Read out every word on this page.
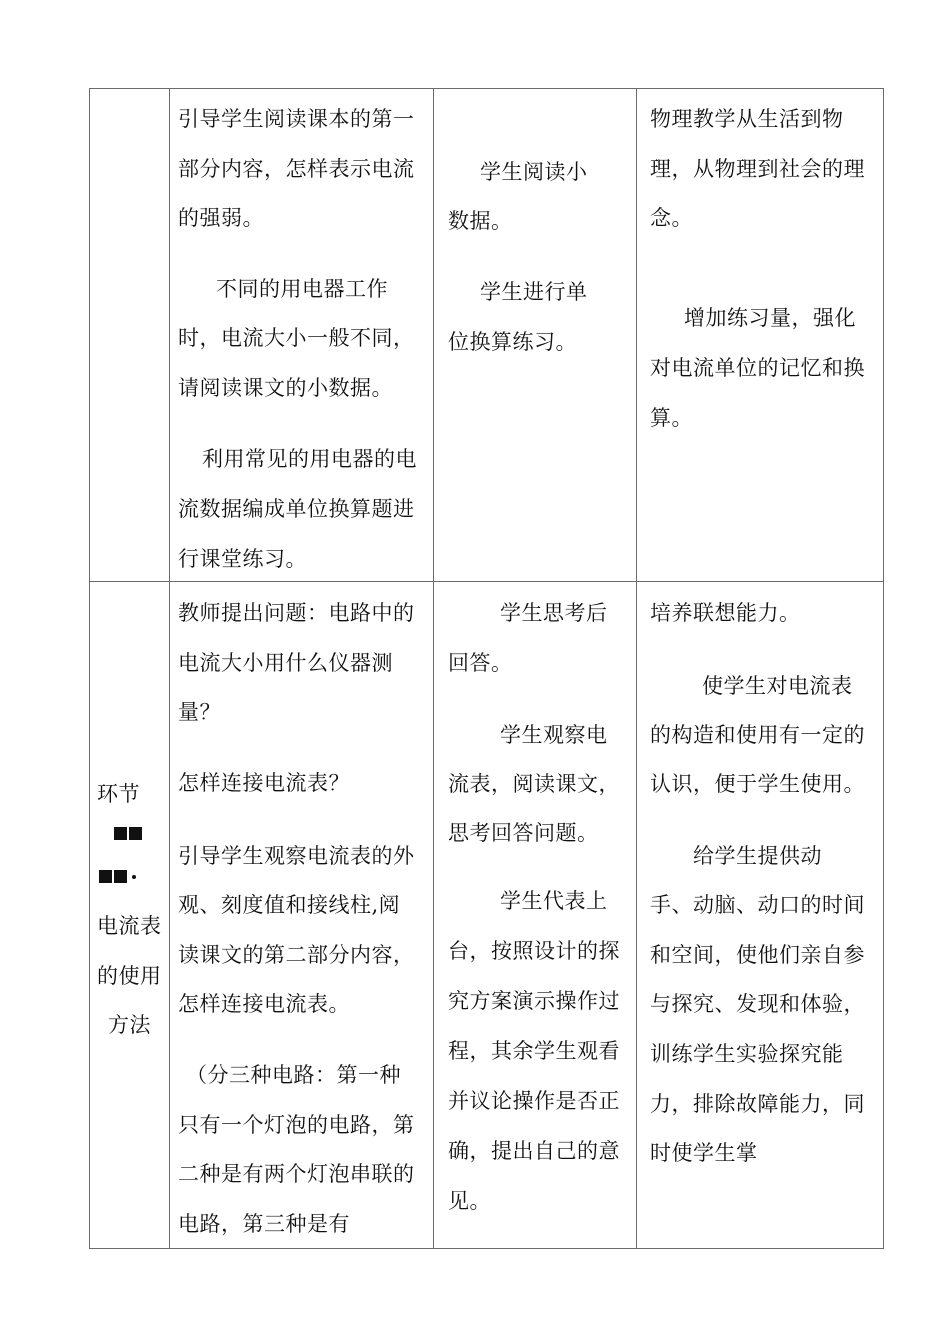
引导学生阅读课本的第一
部分内容，怎样表示电流
的强弱。
不同的用电器工作
时，电流大小一般不同，
请阅读课文的小数据。
利用常见的用电器的电
流数据编成单位换算题进
行课堂练习。
学生阅读小
数据。
学生进行单
位换算练习。
物理教学从生活到物
理，从物理到社会的理
念。
增加练习量，强化
对电流单位的记忆和换
算。
环节
电流表
的使用
方法
教师提出问题：电路中的
电流大小用什么仪器测
量？
怎样连接电流表？
引导学生观察电流表的外
观、刻度值和接线柱,阅
读课文的第二部分内容，
怎样连接电流表。
（分三种电路：第一种
只有一个灯泡的电路，第
二种是有两个灯泡串联的
电路，第三种是有
学生思考后
回答。
学生观察电
流表，阅读课文，
思考回答问题。
学生代表上
台，按照设计的探
究方案演示操作过
程，其余学生观看
并议论操作是否正
确，提出自己的意
见。
培养联想能力。
使学生对电流表
的构造和使用有一定的
认识，便于学生使用。
给学生提供动
手、动脑、动口的时间
和空间，使他们亲自参
与探究、发现和体验，
训练学生实验探究能
力，排除故障能力，同
时使学生掌
